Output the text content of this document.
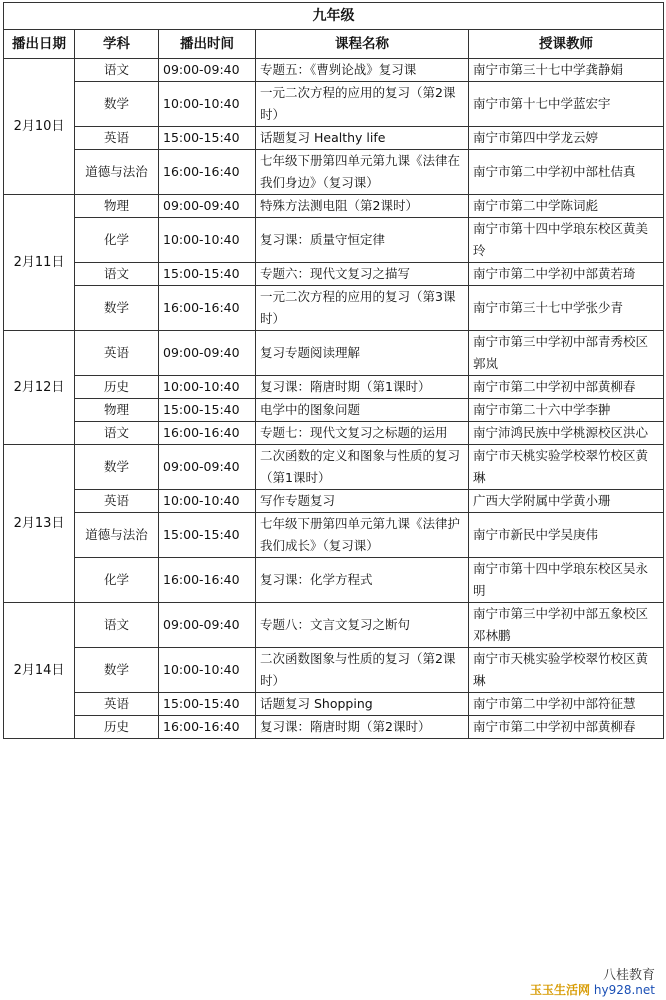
九年级				
播出日期	学科	播出时间	课程名称	授课教师
2月10日	语文	09:00-09:40	专题五：《曹刿论战》复习课	南宁市第三十七中学龚静娟
	数学	10:00-10:40	一元二次方程的应用的复习（第2课时）	南宁市第十七中学蓝宏宇
	英语	15:00-15:40	话题复习 Healthy life	南宁市第四中学龙云婷
	道德与法治	16:00-16:40	七年级下册第四单元第九课《法律在我们身边》（复习课）	南宁市第二中学初中部杜佶真
2月11日	物理	09:00-09:40	特殊方法测电阻（第2课时）	南宁市第二中学陈词彪
	化学	10:00-10:40	复习课：质量守恒定律	南宁市第十四中学琅东校区黄美玲
	语文	15:00-15:40	专题六：现代文复习之描写	南宁市第二中学初中部黄若琦
	数学	16:00-16:40	一元二次方程的应用的复习（第3课时）	南宁市第三十七中学张少青
2月12日	英语	09:00-09:40	复习专题阅读理解	南宁市第三中学初中部青秀校区郭岚
	历史	10:00-10:40	复习课：隋唐时期（第1课时）	南宁市第二中学初中部黄柳春
	物理	15:00-15:40	电学中的图象问题	南宁市第二十六中学李翀
	语文	16:00-16:40	专题七：现代文复习之标题的运用	南宁沛鸿民族中学桃源校区洪心
2月13日	数学	09:00-09:40	二次函数的定义和图象与性质的复习（第1课时）	南宁市天桃实验学校翠竹校区黄琳
	英语	10:00-10:40	写作专题复习	广西大学附属中学黄小珊
	道德与法治	15:00-15:40	七年级下册第四单元第九课《法律护我们成长》（复习课）	南宁市新民中学吴庚伟
	化学	16:00-16:40	复习课：化学方程式	南宁市第十四中学琅东校区吴永明
2月14日	语文	09:00-09:40	专题八：文言文复习之断句	南宁市第三中学初中部五象校区邓林鹏
	数学	10:00-10:40	二次函数图象与性质的复习（第2课时）	南宁市天桃实验学校翠竹校区黄琳
	英语	15:00-15:40	话题复习 Shopping	南宁市第二中学初中部符征慧
	历史	16:00-16:40	复习课：隋唐时期（第2课时）	南宁市第二中学初中部黄柳春
八桂教育
玉玉生活网 hy928.net
